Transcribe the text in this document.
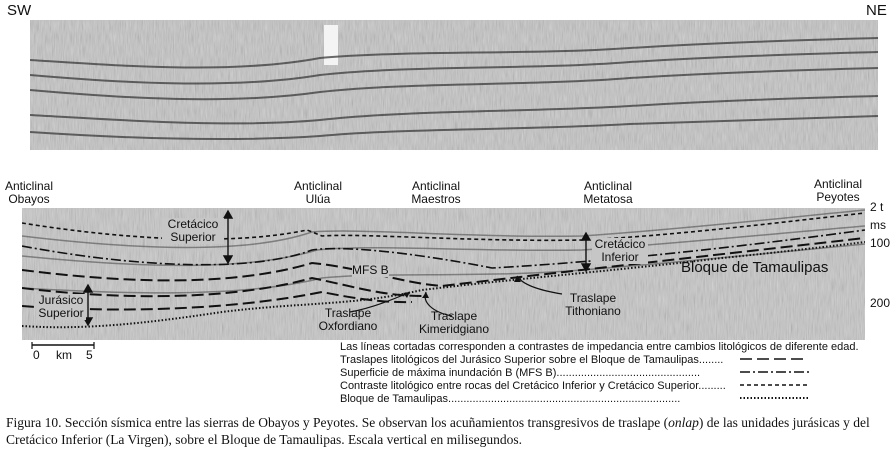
SW	NE
Anticlinal
Obayos
Anticlinal
Ulúa
Anticlinal
Maestros
Anticlinal
Metatosa
Anticlinal
Peyotes
Cretácico
Superior	Cretácico
Inferior
Jurásico
Superior
MFS B	Bloque de Tamaulipas
Traslape
Oxfordiano
Traslape
Kimeridgiano
Traslape
Tithoniano
2 t
ms
100
200
0 km 5
Las líneas cortadas corresponden a contrastes de impedancia entre cambios litológicos de diferente edad.
Traslapes litológicos del Jurásico Superior sobre el Bloque de Tamaulipas........
Superficie de máxima inundación B (MFS B)...............................................
Contraste litológico entre rocas del Cretácico Inferior y Cretácico Superior.........
Bloque de Tamaulipas............................................................................
Figura 10. Sección sísmica entre las sierras de Obayos y Peyotes. Se observan los acuñamientos transgresivos de traslape (onlap) de las unidades jurásicas y del Cretácico Inferior (La Virgen), sobre el Bloque de Tamaulipas. Escala vertical en milisegundos.
